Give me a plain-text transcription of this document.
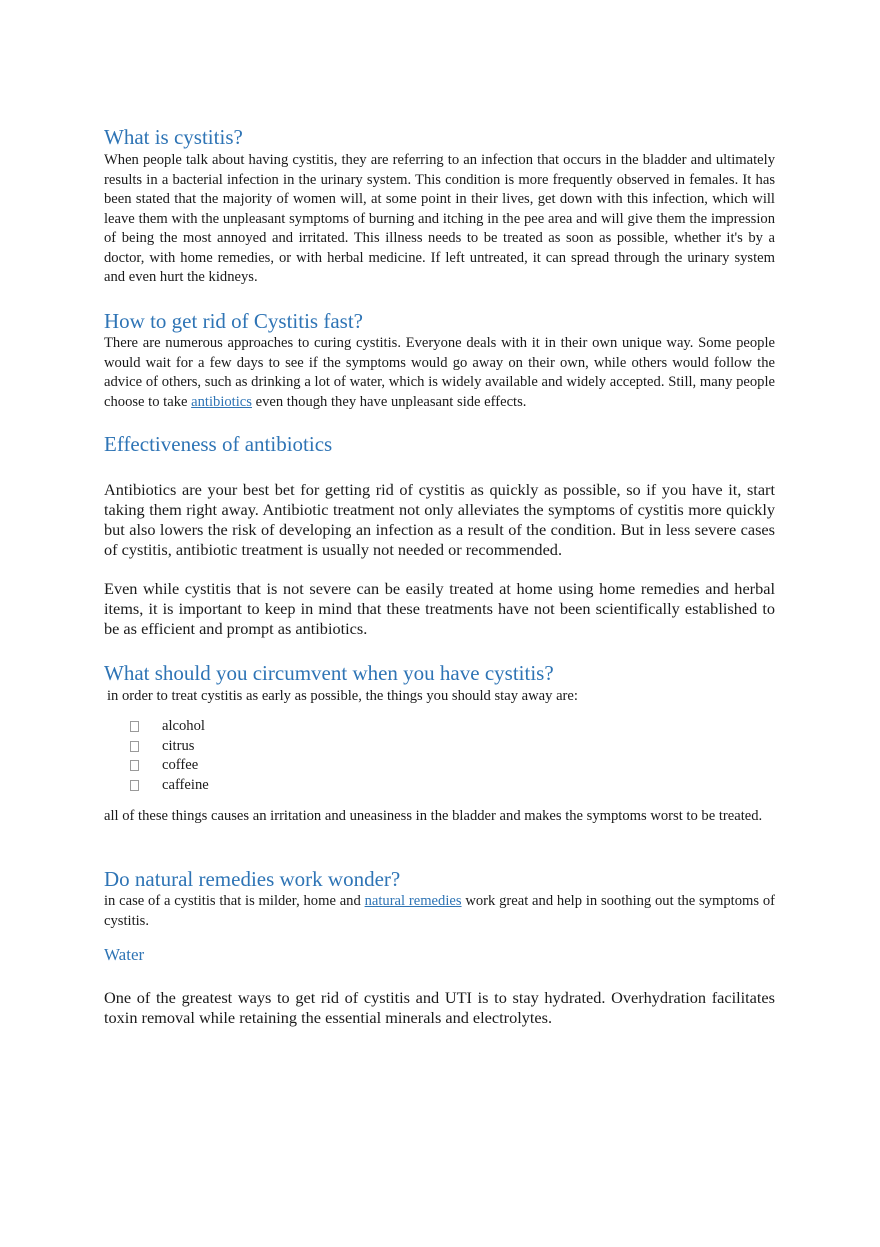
What is cystitis?

When people talk about having cystitis, they are referring to an infection that occurs in the bladder and ultimately results in a bacterial infection in the urinary system. This condition is more frequently observed in females. It has been stated that the majority of women will, at some point in their lives, get down with this infection, which will leave them with the unpleasant symptoms of burning and itching in the pee area and will give them the impression of being the most annoyed and irritated. This illness needs to be treated as soon as possible, whether it's by a doctor, with home remedies, or with herbal medicine. If left untreated, it can spread through the urinary system and even hurt the kidneys.

How to get rid of Cystitis fast?

There are numerous approaches to curing cystitis. Everyone deals with it in their own unique way. Some people would wait for a few days to see if the symptoms would go away on their own, while others would follow the advice of others, such as drinking a lot of water, which is widely available and widely accepted. Still, many people choose to take antibiotics even though they have unpleasant side effects.

Effectiveness of antibiotics

Antibiotics are your best bet for getting rid of cystitis as quickly as possible, so if you have it, start taking them right away. Antibiotic treatment not only alleviates the symptoms of cystitis more quickly but also lowers the risk of developing an infection as a result of the condition. But in less severe cases of cystitis, antibiotic treatment is usually not needed or recommended.

Even while cystitis that is not severe can be easily treated at home using home remedies and herbal items, it is important to keep in mind that these treatments have not been scientifically established to be as efficient and prompt as antibiotics.

What should you circumvent when you have cystitis?

in order to treat cystitis as early as possible, the things you should stay away are:

alcohol
citrus
coffee
caffeine

all of these things causes an irritation and uneasiness in the bladder and makes the symptoms worst to be treated.

Do natural remedies work wonder?

in case of a cystitis that is milder, home and natural remedies work great and help in soothing out the symptoms of cystitis.

Water

One of the greatest ways to get rid of cystitis and UTI is to stay hydrated. Overhydration facilitates toxin removal while retaining the essential minerals and electrolytes.
